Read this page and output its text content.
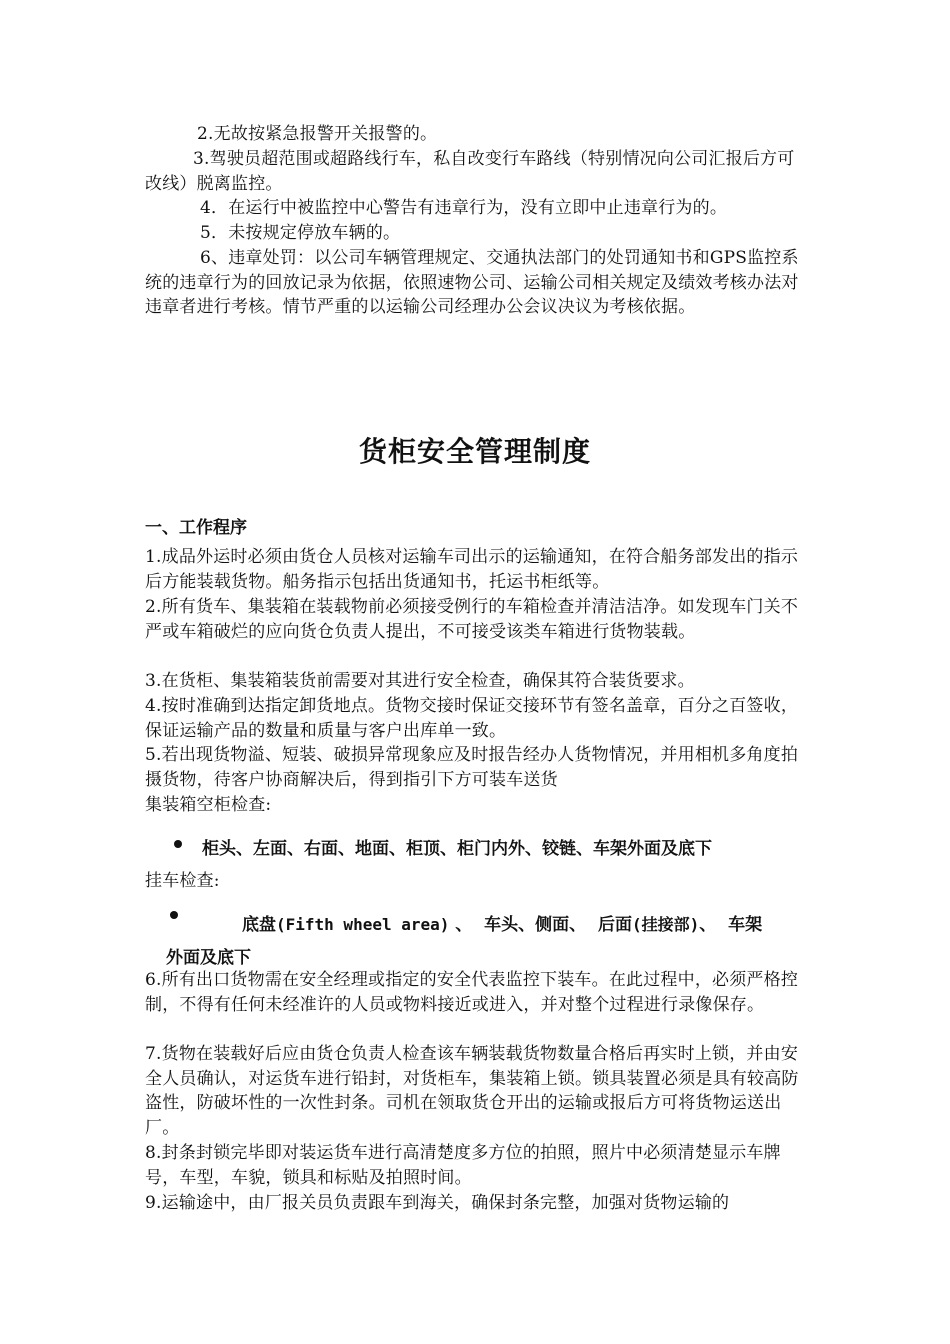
2.无故按紧急报警开关报警的。
3.驾驶员超范围或超路线行车，私自改变行车路线（特别情况向公司汇报后方可改线）脱离监控。
4．在运行中被监控中心警告有违章行为，没有立即中止违章行为的。
5．未按规定停放车辆的。
6、违章处罚：以公司车辆管理规定、交通执法部门的处罚通知书和GPS监控系统的违章行为的回放记录为依据，依照速物公司、运输公司相关规定及绩效考核办法对违章者进行考核。情节严重的以运输公司经理办公会议决议为考核依据。
货柜安全管理制度
一、工作程序
1.成品外运时必须由货仓人员核对运输车司出示的运输通知，在符合船务部发出的指示后方能装载货物。船务指示包括出货通知书，托运书柜纸等。
2.所有货车、集装箱在装载物前必须接受例行的车箱检查并清洁洁净。如发现车门关不严或车箱破烂的应向货仓负责人提出，不可接受该类车箱进行货物装载。
3.在货柜、集装箱装货前需要对其进行安全检查，确保其符合装货要求。
4.按时准确到达指定卸货地点。货物交接时保证交接环节有签名盖章，百分之百签收，保证运输产品的数量和质量与客户出库单一致。
5.若出现货物溢、短装、破损异常现象应及时报告经办人货物情况，并用相机多角度拍摄货物，待客户协商解决后，得到指引下方可装车送货
集装箱空柜检查:
柜头、左面、右面、地面、柜顶、柜门内外、铰链、车架外面及底下
挂车检查:
底盘(Fifth wheel area) 、  车头、侧面、  后面(挂接部)、  车架
外面及底下
6.所有出口货物需在安全经理或指定的安全代表监控下装车。在此过程中，必须严格控制，不得有任何未经准许的人员或物料接近或进入，并对整个过程进行录像保存。
7.货物在装载好后应由货仓负责人检查该车辆装载货物数量合格后再实时上锁，并由安全人员确认，对运货车进行铅封，对货柜车，集装箱上锁。锁具装置必须是具有较高防盗性，防破坏性的一次性封条。司机在领取货仓开出的运输或报后方可将货物运送出厂。
8.封条封锁完毕即对装运货车进行高清楚度多方位的拍照，照片中必须清楚显示车牌号，车型，车貌，锁具和标贴及拍照时间。
9.运输途中，由厂报关员负责跟车到海关，确保封条完整，加强对货物运输的
